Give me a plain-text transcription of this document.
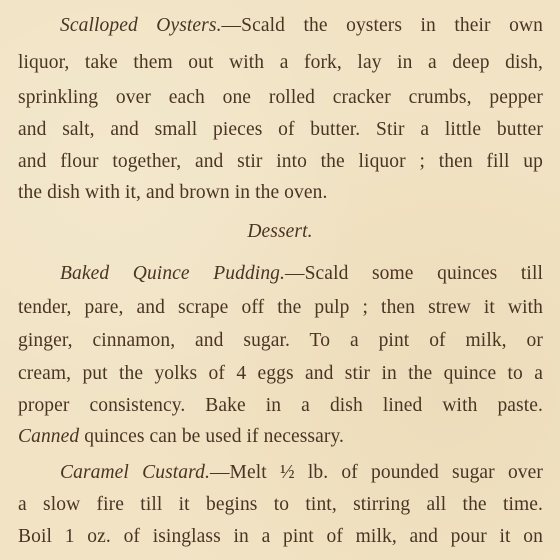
Scalloped Oysters.—Scald the oysters in their own
liquor, take them out with a fork, lay in a deep dish,
sprinkling over each one rolled cracker crumbs, pepper
and salt, and small pieces of butter. Stir a little butter
and flour together, and stir into the liquor ; then fill up
the dish with it, and brown in the oven.
Dessert.
Baked Quince Pudding.—Scald some quinces till
tender, pare, and scrape off the pulp ; then strew it with
ginger, cinnamon, and sugar. To a pint of milk, or
cream, put the yolks of 4 eggs and stir in the quince to a
proper consistency. Bake in a dish lined with paste.
Canned quinces can be used if necessary.
Caramel Custard.—Melt ½ lb. of pounded sugar over
a slow fire till it begins to tint, stirring all the time.
Boil 1 oz. of isinglass in a pint of milk, and pour it on
